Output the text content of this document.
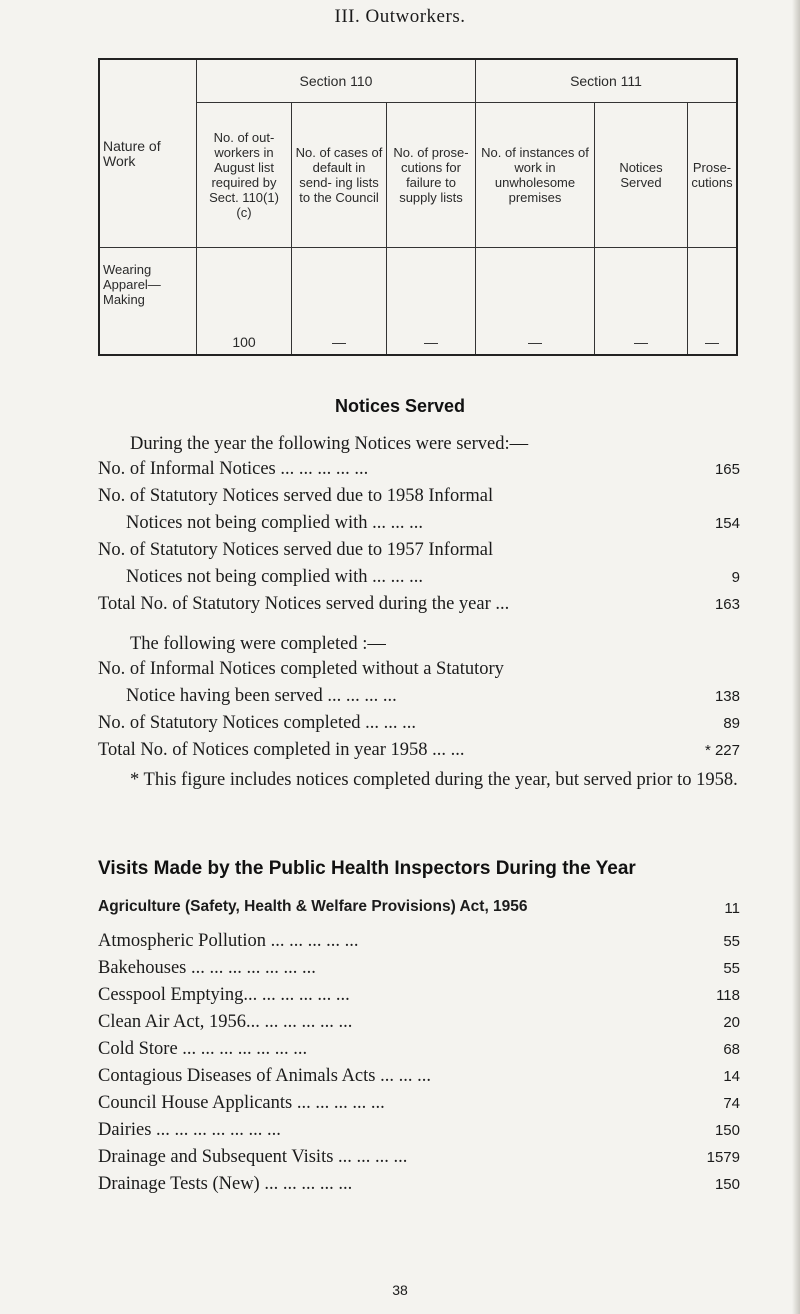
III. Outworkers.
Nature of Work	Section 110			Section 111		
	No. of out- workers in August list required by Sect. 110(1) (c)	No. of cases of default in send- ing lists to the Council	No. of prose- cutions for failure to supply lists	No. of instances of work in unwholesome premises	Notices Served	Prose- cutions
Wearing Apparel— Making	100	—	—	—	—	—
Notices Served
During the year the following Notices were served:—
No. of Informal Notices ... ... ... ... ...	165
No. of Statutory Notices served due to 1958 Informal
Notices not being complied with ... ... ...	154
No. of Statutory Notices served due to 1957 Informal
Notices not being complied with ... ... ...	9
Total No. of Statutory Notices served during the year ...	163
The following were completed :—
No. of Informal Notices completed without a Statutory
Notice having been served ... ... ... ...	138
No. of Statutory Notices completed ... ... ...	89
Total No. of Notices completed in year 1958 ... ...	* 227
* This figure includes notices completed during the year, but served prior to 1958.
Visits Made by the Public Health Inspectors During the Year
Agriculture (Safety, Health & Welfare Provisions) Act, 1956	11
Atmospheric Pollution ... ... ... ... ...	55
Bakehouses ... ... ... ... ... ... ...	55
Cesspool Emptying... ... ... ... ... ...	118
Clean Air Act, 1956... ... ... ... ... ...	20
Cold Store ... ... ... ... ... ... ...	68
Contagious Diseases of Animals Acts ... ... ...	14
Council House Applicants ... ... ... ... ...	74
Dairies ... ... ... ... ... ... ...	150
Drainage and Subsequent Visits ... ... ... ...	1579
Drainage Tests (New) ... ... ... ... ...	150
38
